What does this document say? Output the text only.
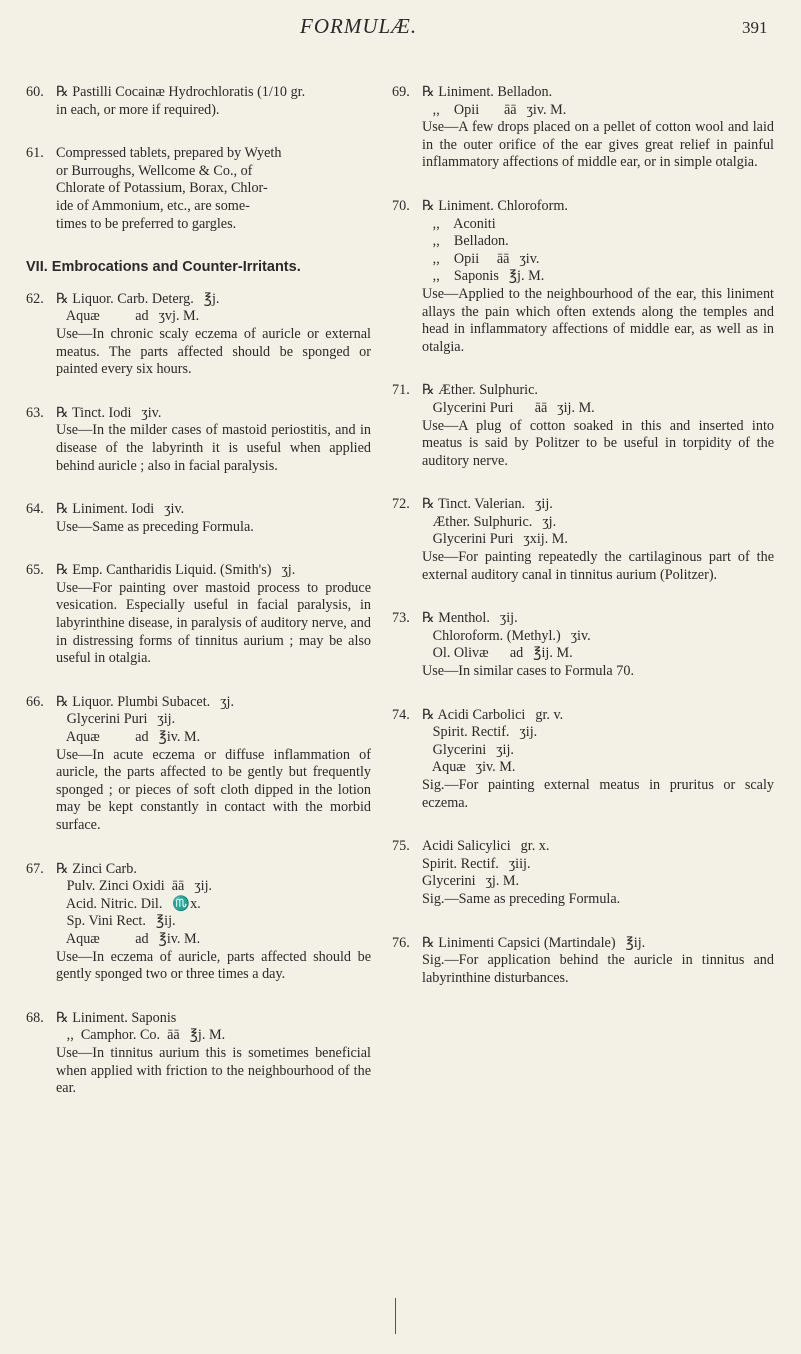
FORMULÆ.	391
60. ℞ Pastilli Cocainæ Hydrochloratis (1/10 gr.
in each, or more if required).
61. Compressed tablets, prepared by Wyeth
or Burroughs, Wellcome & Co., of
Chlorate of Potassium, Borax, Chlor-
ide of Ammonium, etc., are some-
times to be preferred to gargles.
VII. Embrocations and Counter-Irritants.
62. ℞ Liquor. Carb. Deterg. ℥j.
Aquæ          ad ʒvj. M.
Use—In chronic scaly eczema of auricle or external meatus. The parts affected should be sponged or painted every six hours.
63. ℞ Tinct. Iodi ʒiv.
Use—In the milder cases of mastoid periostitis, and in disease of the labyrinth it is useful when applied behind auricle ; also in facial paralysis.
64. ℞ Liniment. Iodi ʒiv.
Use—Same as preceding Formula.
65. ℞ Emp. Cantharidis Liquid. (Smith's) ʒj.
Use—For painting over mastoid process to produce vesication. Especially useful in facial paralysis, in labyrinthine disease, in paralysis of auditory nerve, and in distressing forms of tinnitus aurium ; may be also useful in otalgia.
66. ℞ Liquor. Plumbi Subacet. ʒj.
Glycerini Puri ʒij.
Aquæ          ad ℥iv. M.
Use—In acute eczema or diffuse inflammation of auricle, the parts affected to be gently but frequently sponged ; or pieces of soft cloth dipped in the lotion may be kept constantly in contact with the morbid surface.
67. ℞ Zinci Carb.
Pulv. Zinci Oxidi  āā ʒij.
Acid. Nitric. Dil. ♏x.
Sp. Vini Rect. ℥ij.
Aquæ          ad ℥iv. M.
Use—In eczema of auricle, parts affected should be gently sponged two or three times a day.
68. ℞ Liniment. Saponis
,,  Camphor. Co.  āā ℥j. M.
Use—In tinnitus aurium this is sometimes beneficial when applied with friction to the neighbourhood of the ear.
69. ℞ Liniment. Belladon.
,,    Opii       āā ʒiv. M.
Use—A few drops placed on a pellet of cotton wool and laid in the outer orifice of the ear gives great relief in painful inflammatory affections of middle ear, or in simple otalgia.
70. ℞ Liniment. Chloroform.
,,    Aconiti
,,    Belladon.
,,    Opii     āā ʒiv.
,,    Saponis ℥j. M.
Use—Applied to the neighbourhood of the ear, this liniment allays the pain which often extends along the temples and head in inflammatory affections of middle ear, as well as in otalgia.
71. ℞ Æther. Sulphuric.
Glycerini Puri      āā ʒij. M.
Use—A plug of cotton soaked in this and inserted into meatus is said by Politzer to be useful in torpidity of the auditory nerve.
72. ℞ Tinct. Valerian. ʒij.
Æther. Sulphuric. ʒj.
Glycerini Puri ʒxij. M.
Use—For painting repeatedly the cartilaginous part of the external auditory canal in tinnitus aurium (Politzer).
73. ℞ Menthol. ʒij.
Chloroform. (Methyl.) ʒiv.
Ol. Olivæ      ad ℥ij. M.
Use—In similar cases to Formula 70.
74. ℞ Acidi Carbolici gr. v.
Spirit. Rectif. ʒij.
Glycerini ʒij.
Aquæ ʒiv. M.
Sig.—For painting external meatus in pruritus or scaly eczema.
75. Acidi Salicylici gr. x.
Spirit. Rectif. ʒiij.
Glycerini ʒj. M.
Sig.—Same as preceding Formula.
76. ℞ Linimenti Capsici (Martindale) ℥ij.
Sig.—For application behind the auricle in tinnitus and labyrinthine disturbances.
